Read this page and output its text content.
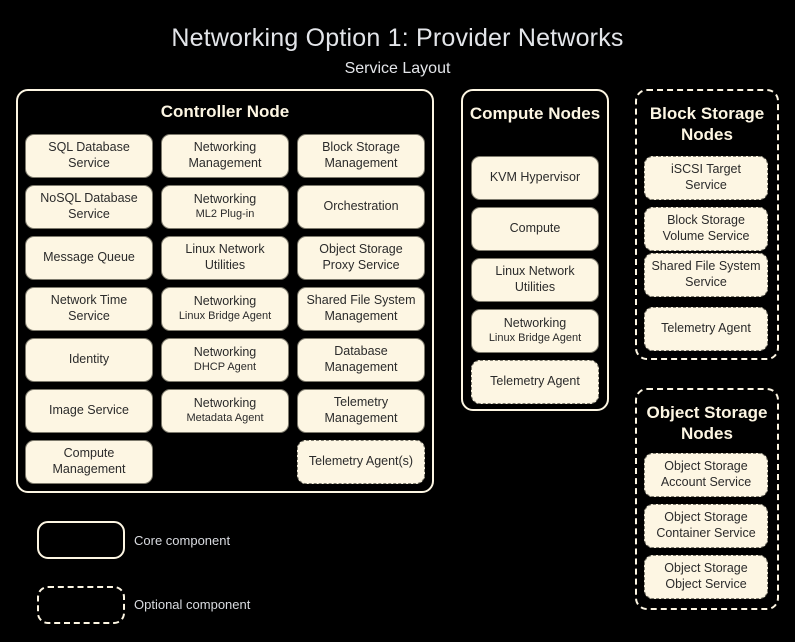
Networking Option 1: Provider Networks
Service Layout
Controller Node
SQL Database Service
Networking Management
Block Storage Management
NoSQL Database Service
Networking
ML2 Plug-in
Orchestration
Message Queue
Linux Network Utilities
Object Storage Proxy Service
Network Time Service
Networking
Linux Bridge Agent
Shared File System Management
Identity	Networking
DHCP Agent
Database Management
Image Service	Networking
Metadata Agent
Telemetry Management
Compute Management
Telemetry Agent(s)
Compute Nodes
KVM Hypervisor
Compute
Linux Network Utilities
Networking
Linux Bridge Agent
Telemetry Agent
Block Storage Nodes
iSCSI Target Service
Block Storage Volume Service
Shared File System Service
Telemetry Agent
Object Storage Nodes
Object Storage Account Service
Object Storage Container Service
Object Storage Object Service
Core component
Optional component
